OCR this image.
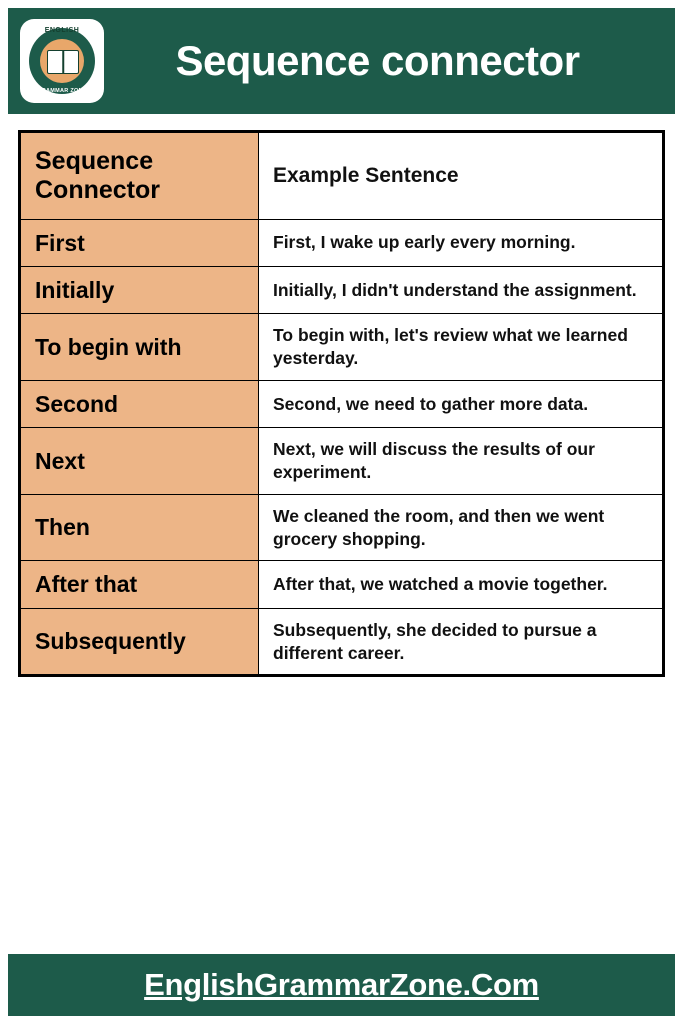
ENGLISH
GRAMMAR ZONE
Sequence connector
Sequence Connector	Example Sentence
First	First, I wake up early every morning.
Initially	Initially, I didn't understand the assignment.
To begin with	To begin with, let's review what we learned yesterday.
Second	Second, we need to gather more data.
Next	Next, we will discuss the results of our experiment.
Then	We cleaned the room, and then we went grocery shopping.
After that	After that, we watched a movie together.
Subsequently	Subsequently, she decided to pursue a different career.
EnglishGrammarZone.Com
